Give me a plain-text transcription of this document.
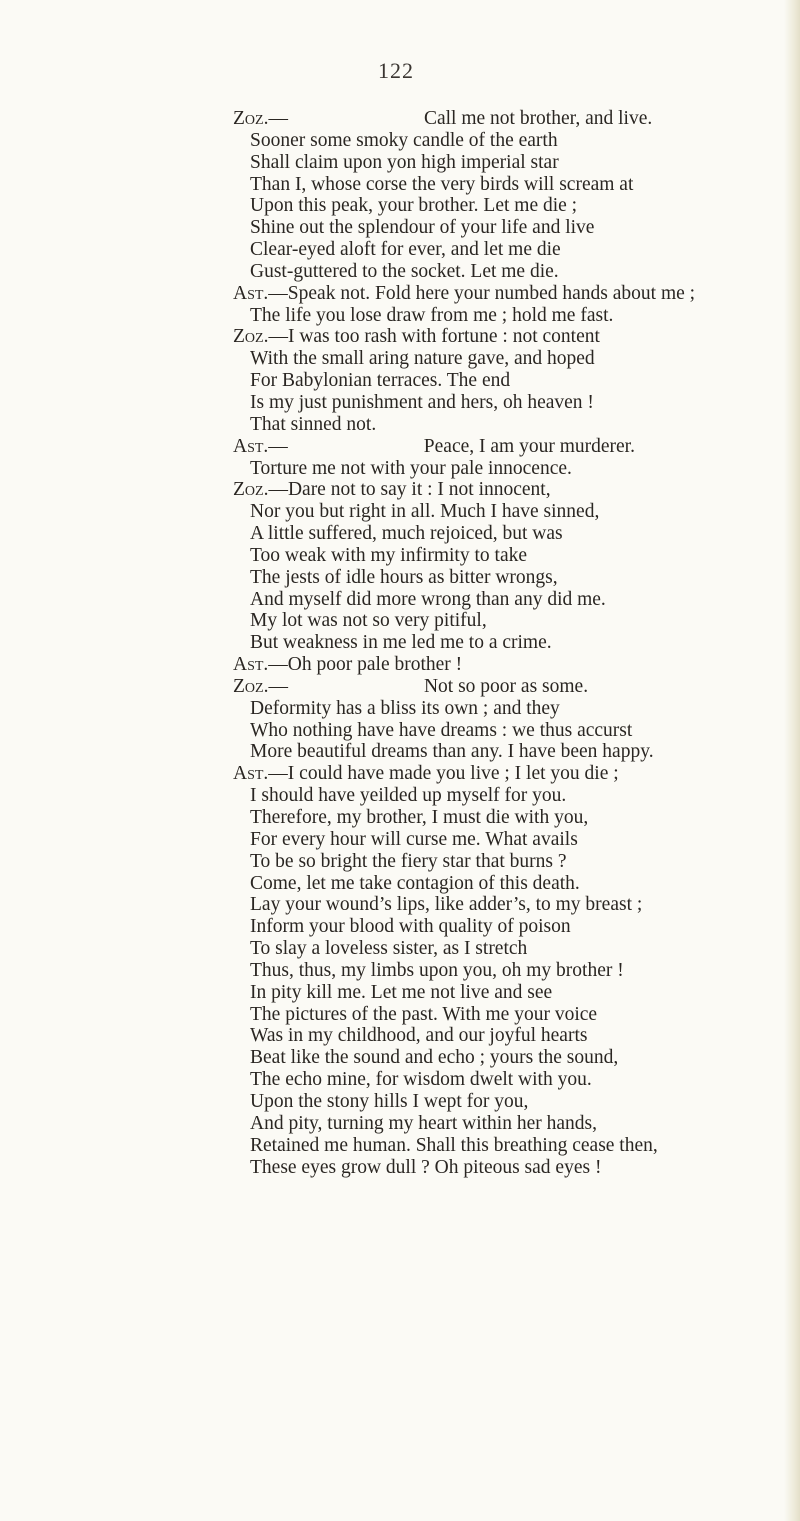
122
Zoz.—	Call me not brother, and live.
Sooner some smoky candle of the earth
Shall claim upon yon high imperial star
Than I, whose corse the very birds will scream at
Upon this peak, your brother. Let me die ;
Shine out the splendour of your life and live
Clear-eyed aloft for ever, and let me die
Gust-guttered to the socket. Let me die.
Ast.—Speak not. Fold here your numbed hands about me ;
The life you lose draw from me ; hold me fast.
Zoz.—I was too rash with fortune : not content
With the small aring nature gave, and hoped
For Babylonian terraces. The end
Is my just punishment and hers, oh heaven !
That sinned not.
Ast.—	Peace, I am your murderer.
Torture me not with your pale innocence.
Zoz.—Dare not to say it : I not innocent,
Nor you but right in all. Much I have sinned,
A little suffered, much rejoiced, but was
Too weak with my infirmity to take
The jests of idle hours as bitter wrongs,
And myself did more wrong than any did me.
My lot was not so very pitiful,
But weakness in me led me to a crime.
Ast.—Oh poor pale brother !
Zoz.—	Not so poor as some.
Deformity has a bliss its own ; and they
Who nothing have have dreams : we thus accurst
More beautiful dreams than any. I have been happy.
Ast.—I could have made you live ; I let you die ;
I should have yeilded up myself for you.
Therefore, my brother, I must die with you,
For every hour will curse me. What avails
To be so bright the fiery star that burns ?
Come, let me take contagion of this death.
Lay your wound’s lips, like adder’s, to my breast ;
Inform your blood with quality of poison
To slay a loveless sister, as I stretch
Thus, thus, my limbs upon you, oh my brother !
In pity kill me. Let me not live and see
The pictures of the past. With me your voice
Was in my childhood, and our joyful hearts
Beat like the sound and echo ; yours the sound,
The echo mine, for wisdom dwelt with you.
Upon the stony hills I wept for you,
And pity, turning my heart within her hands,
Retained me human. Shall this breathing cease then,
These eyes grow dull ? Oh piteous sad eyes !
